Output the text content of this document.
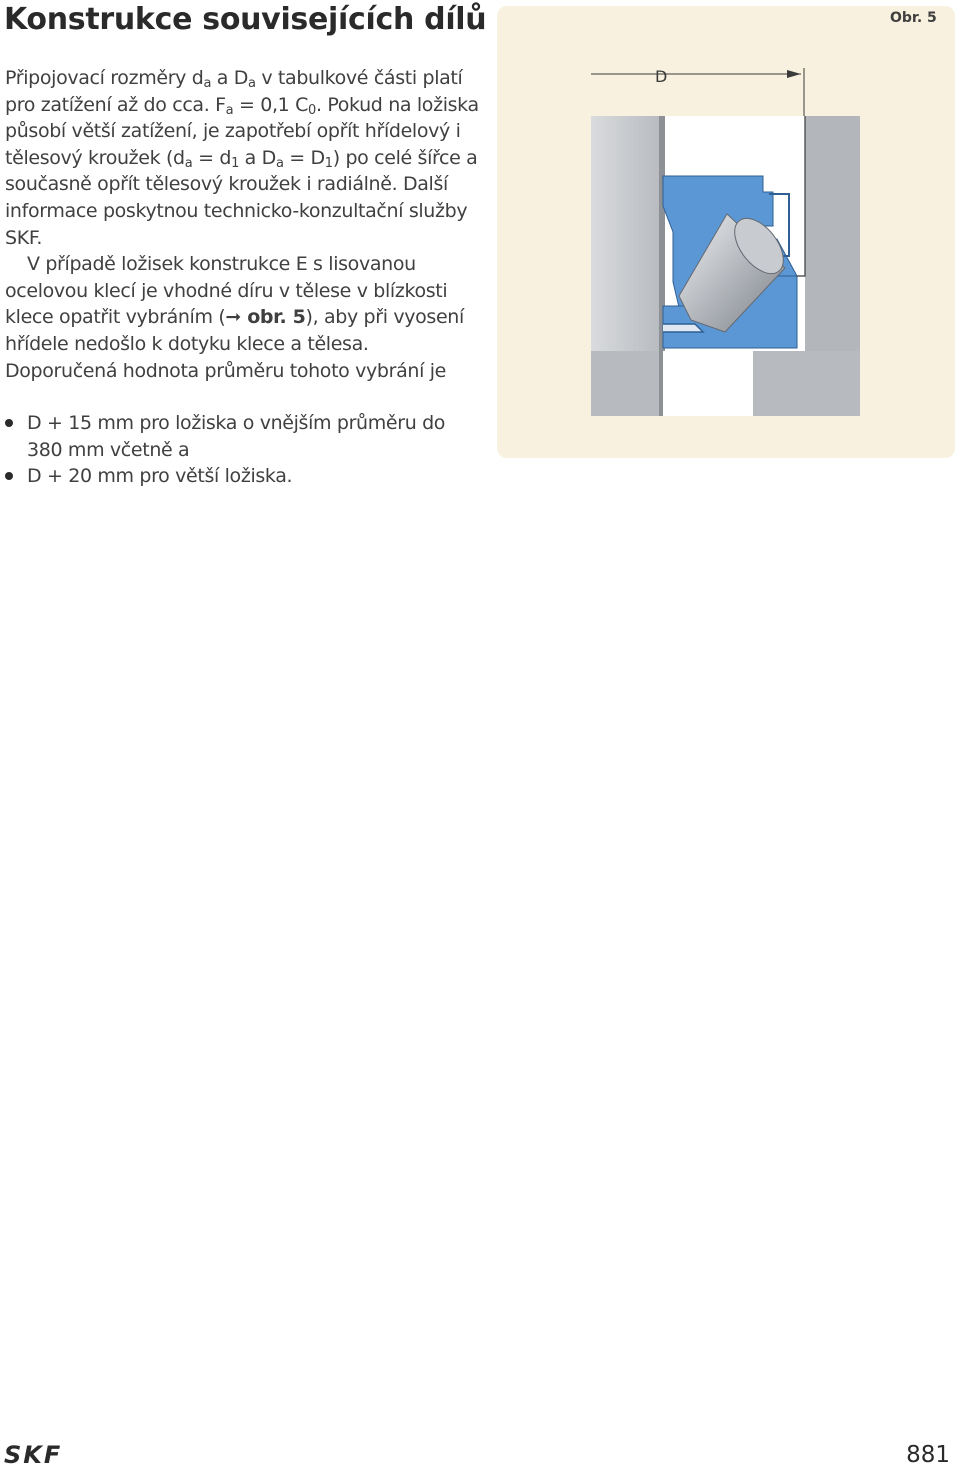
Konstrukce souvisejících dílů

Připojovací rozměry $d_a$ a $D_a$ v tabulkové části platí pro zatížení až do cca. $F_a = 0,1$ $C_0$. Pokud na ložiska působí větší zatížení, je zapotřebí opřít hřídelový i tělesový kroužek ($d_a = d_1$ a $D_a = D_1$) po celé šířce a současně opřít tělesový kroužek i radiálně. Další informace poskytnou technicko-konzultační služby SKF.

V případě ložisek konstrukce E s lisovanou ocelovou klecí je vhodné díru v tělese v blízkosti klece opatřit vybráním (➞ obr. 5), aby při vyosení hřídele nedošlo k dotyku klece a tělesa. Doporučená hodnota průměru tohoto vybrání je

D + 15 mm pro ložiska o vnějším průměru do 380 mm včetně a
D + 20 mm pro větší ložiska.
Obr. 5
D
SKF	881
